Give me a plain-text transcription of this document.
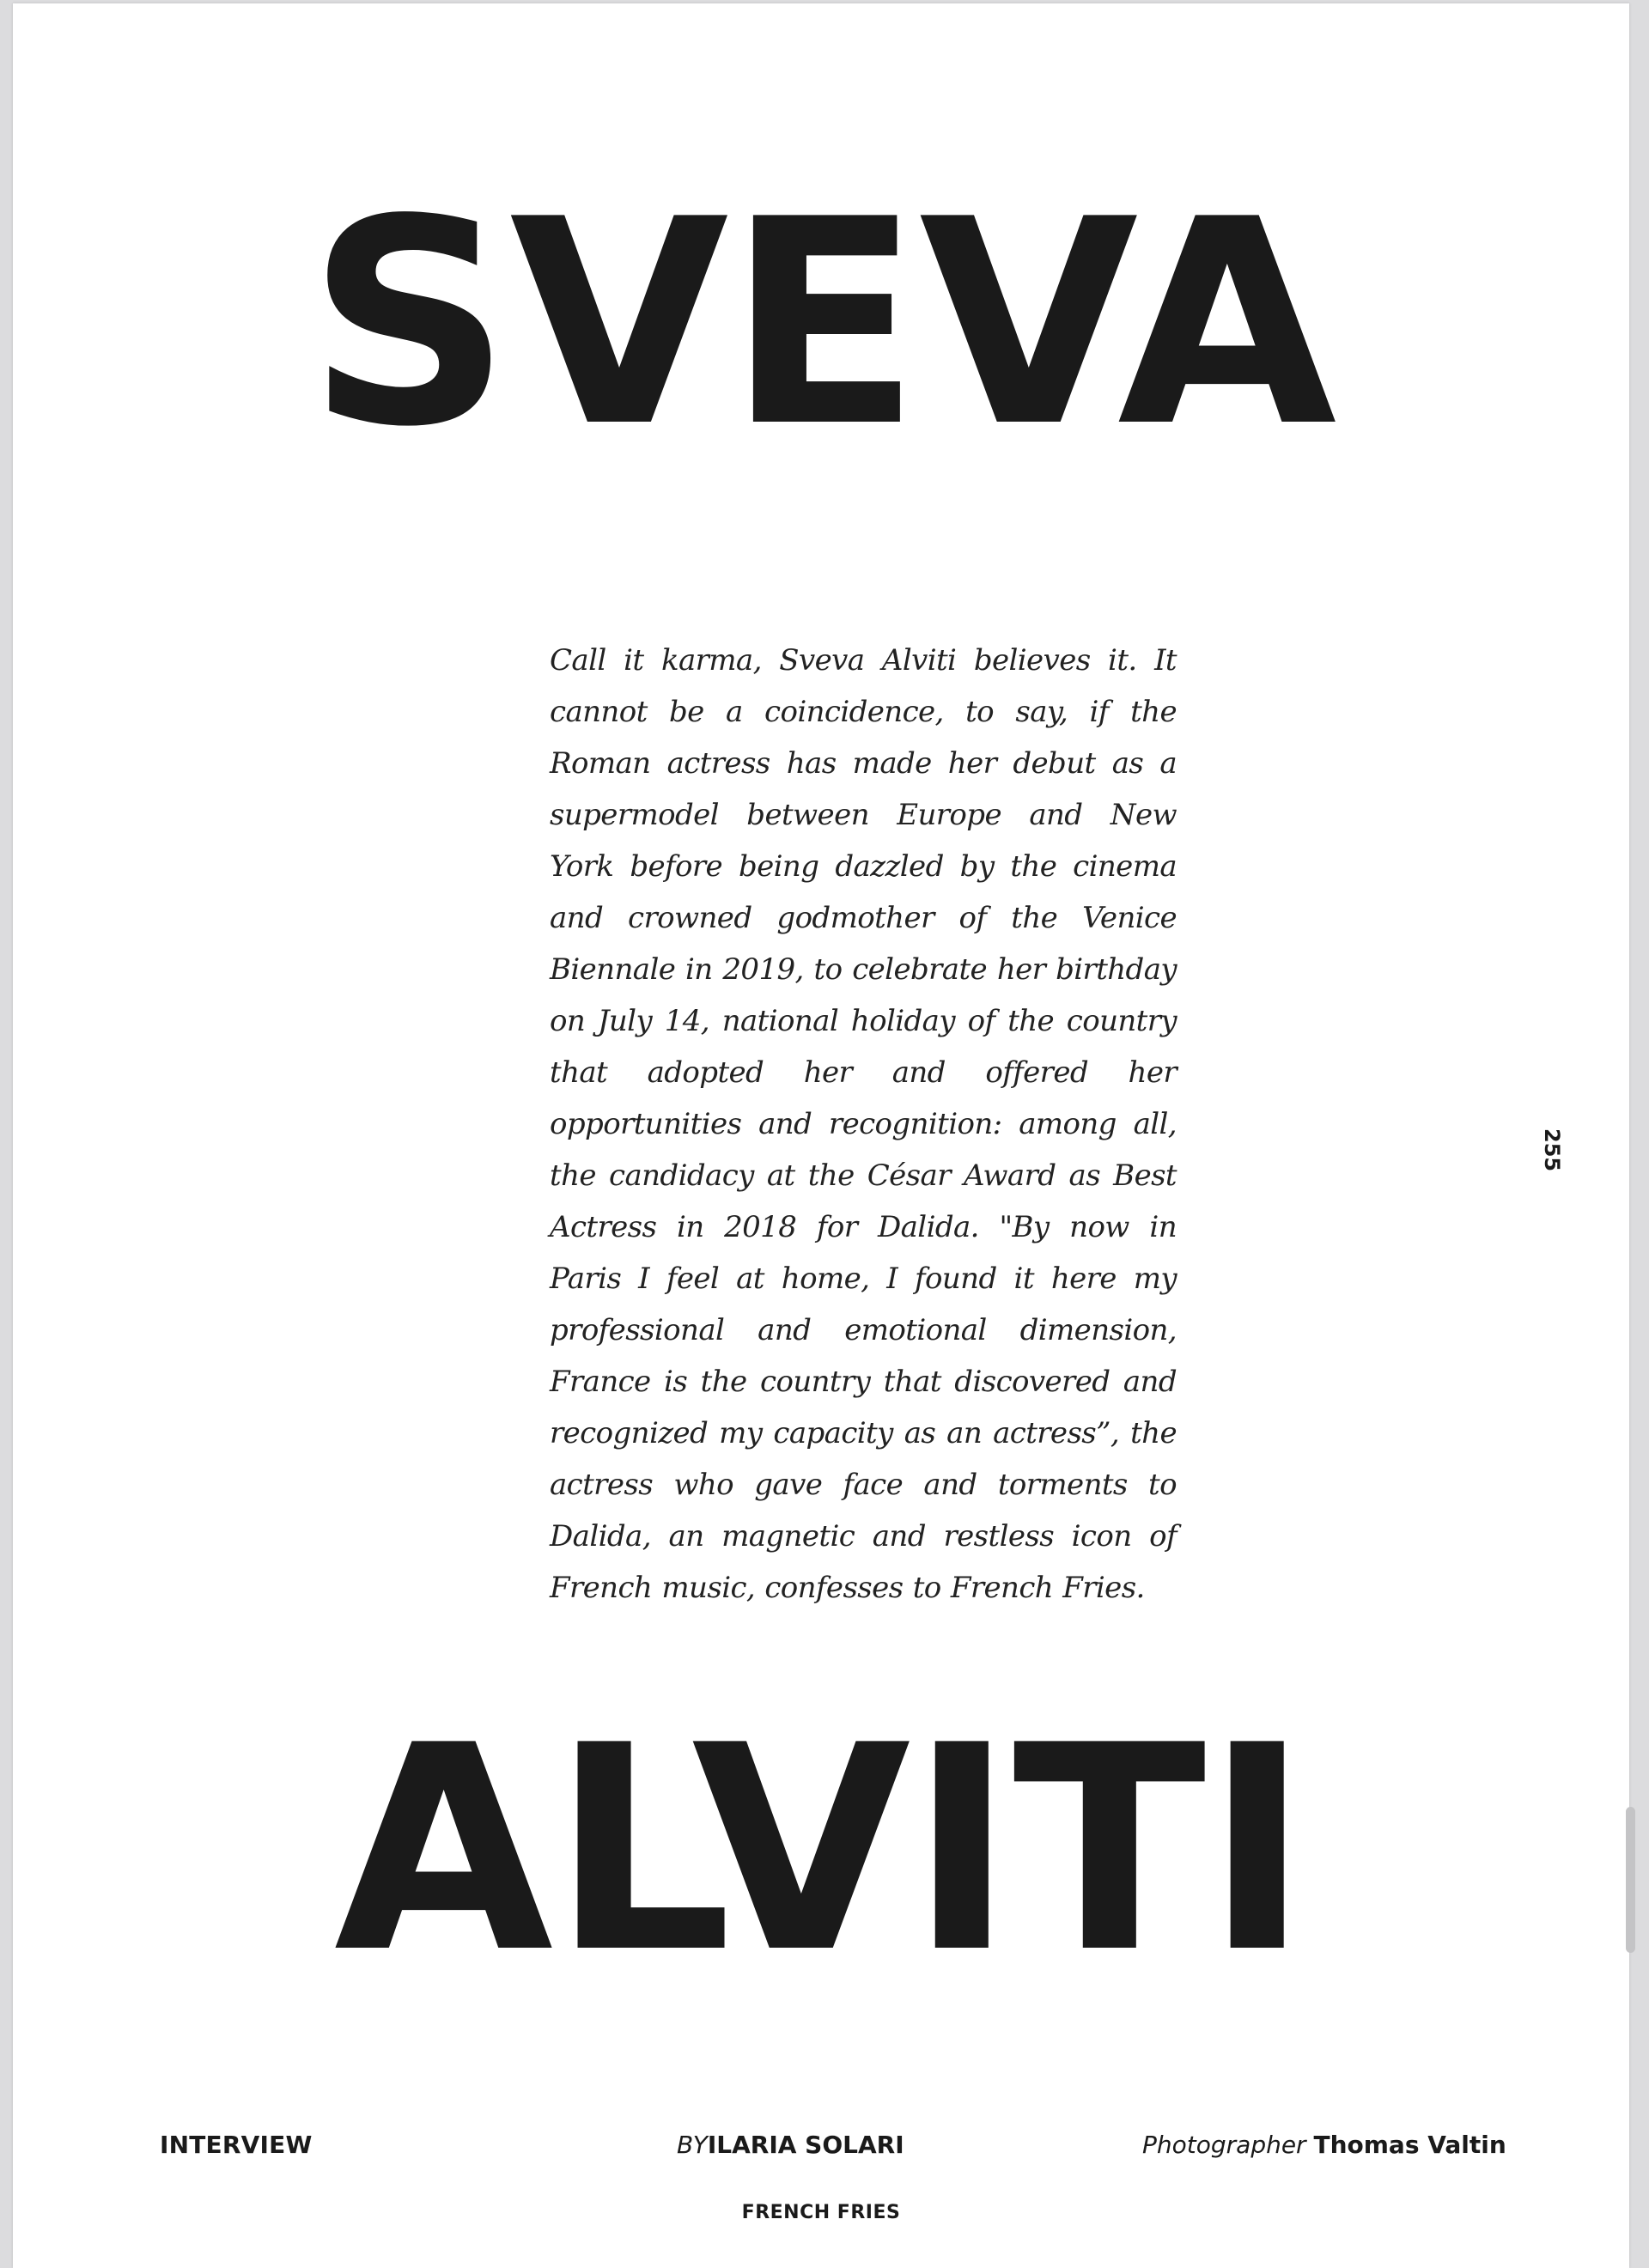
SVEVA

Call it karma, Sveva Alviti believes it. It cannot be a coincidence, to say, if the Roman actress has made her debut as a supermodel between Europe and New York before being dazzled by the cinema and crowned godmother of the Venice Biennale in 2019, to celebrate her birthday on July 14, national holiday of the country that adopted her and offered her opportunities and recognition: among all, the candidacy at the César Award as Best Actress in 2018 for Dalida. "By now in Paris I feel at home, I found it here my professional and emotional dimension, France is the country that discovered and recognized my capacity as an actress”, the actress who gave face and torments to Dalida, an magnetic and restless icon of French music, confesses to French Fries.

ALVITI
255
INTERVIEW	BYILARIA SOLARI	Photographer Thomas Valtin
FRENCH FRIES
